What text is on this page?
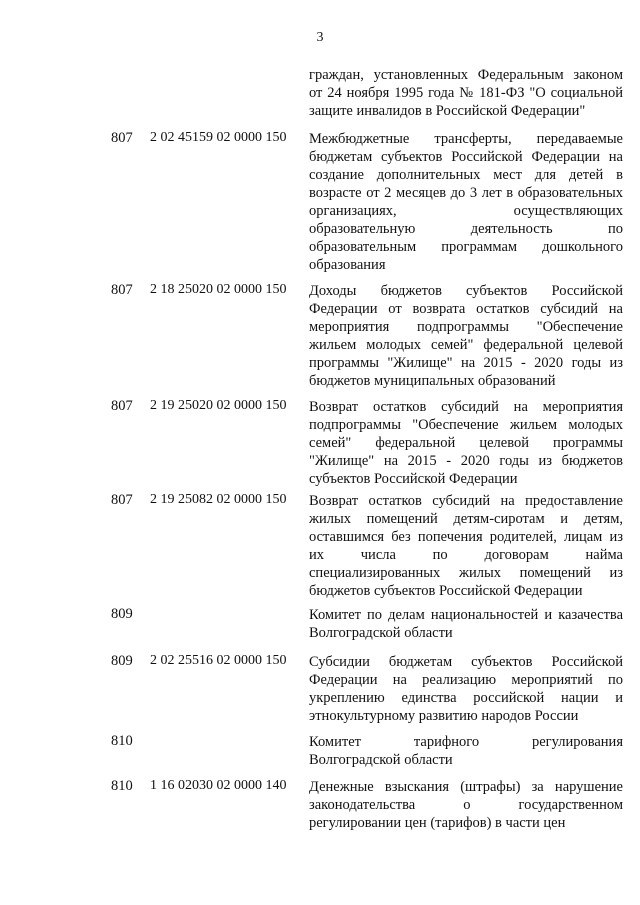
3
граждан, установленных Федеральным законом
от 24 ноября 1995 года № 181-ФЗ "О социальной
защите инвалидов в Российской Федерации"
807 2 02 45159 02 0000 150 Межбюджетные трансферты, передаваемые
бюджетам субъектов Российской Федерации на
создание дополнительных мест для детей в
возрасте от 2 месяцев до 3 лет в образовательных
организациях, осуществляющих
образовательную деятельность по
образовательным программам дошкольного
образования
807 2 18 25020 02 0000 150 Доходы бюджетов субъектов Российской
Федерации от возврата остатков субсидий на
мероприятия подпрограммы "Обеспечение
жильем молодых семей" федеральной целевой
программы "Жилище" на 2015 - 2020 годы из
бюджетов муниципальных образований
807 2 19 25020 02 0000 150 Возврат остатков субсидий на мероприятия
подпрограммы "Обеспечение жильем молодых
семей" федеральной целевой программы
"Жилище" на 2015 - 2020 годы из бюджетов
субъектов Российской Федерации
807 2 19 25082 02 0000 150 Возврат остатков субсидий на предоставление
жилых помещений детям-сиротам и детям,
оставшимся без попечения родителей, лицам из
их числа по договорам найма
специализированных жилых помещений из
бюджетов субъектов Российской Федерации
809	Комитет по делам национальностей и казачества
Волгоградской области
809 2 02 25516 02 0000 150 Субсидии бюджетам субъектов Российской
Федерации на реализацию мероприятий по
укреплению единства российской нации и
этнокультурному развитию народов России
810	Комитет тарифного регулирования
Волгоградской области
810 1 16 02030 02 0000 140 Денежные взыскания (штрафы) за нарушение
законодательства о государственном
регулировании цен (тарифов) в части цен
